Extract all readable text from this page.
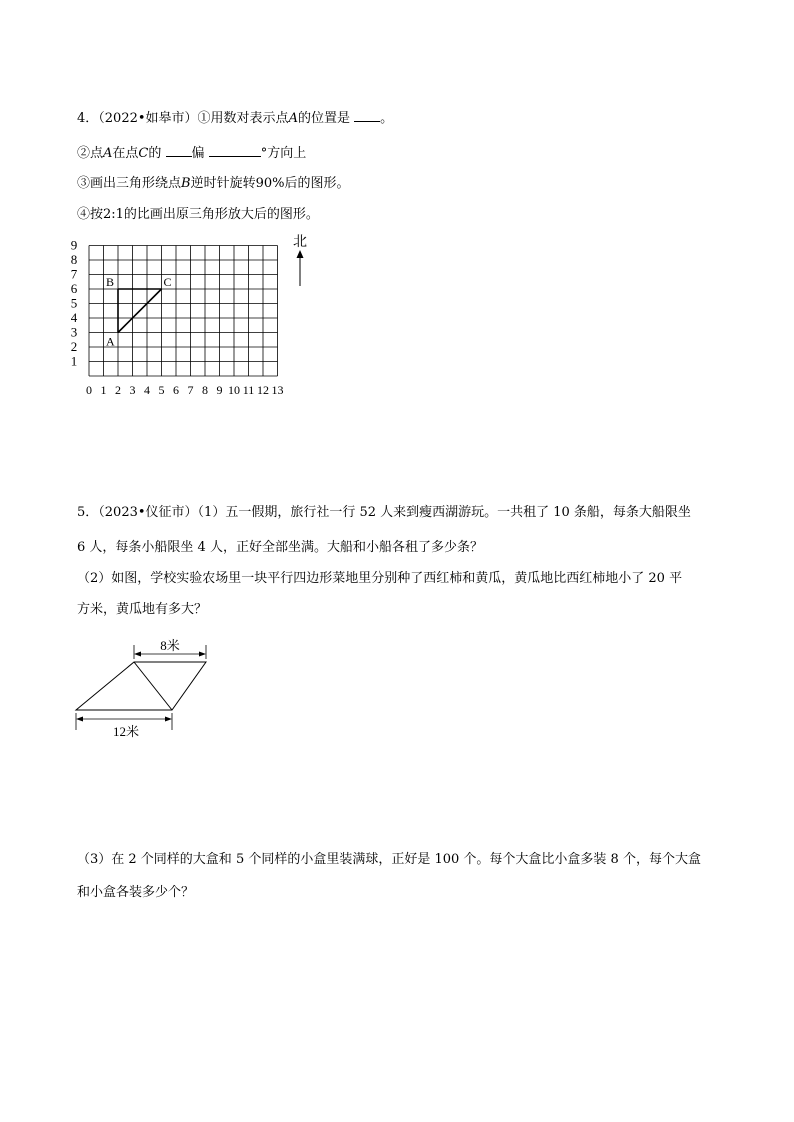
4．（2022•如皋市）①用数对表示点A的位置是 。
②点A在点C的 偏	°方向上
③画出三角形绕点B逆时针旋转90%后的图形。
④按2:1的比画出原三角形放大后的图形。
9
8
7
6
5
4
3
2
1
0 1 2 3 4 5 6 7 8 9 10 11 12 13
A
B	C
北
5．（2023•仪征市）（1）五一假期，旅行社一行 52 人来到瘦西湖游玩。一共租了 10 条船，每条大船限坐
6 人，每条小船限坐 4 人，正好全部坐满。大船和小船各租了多少条？
（2）如图，学校实验农场里一块平行四边形菜地里分别种了西红柿和黄瓜，黄瓜地比西红柿地小了 20 平
方米，黄瓜地有多大？
8米
12米
（3）在 2 个同样的大盒和 5 个同样的小盒里装满球，正好是 100 个。每个大盒比小盒多装 8 个，每个大盒
和小盒各装多少个？
